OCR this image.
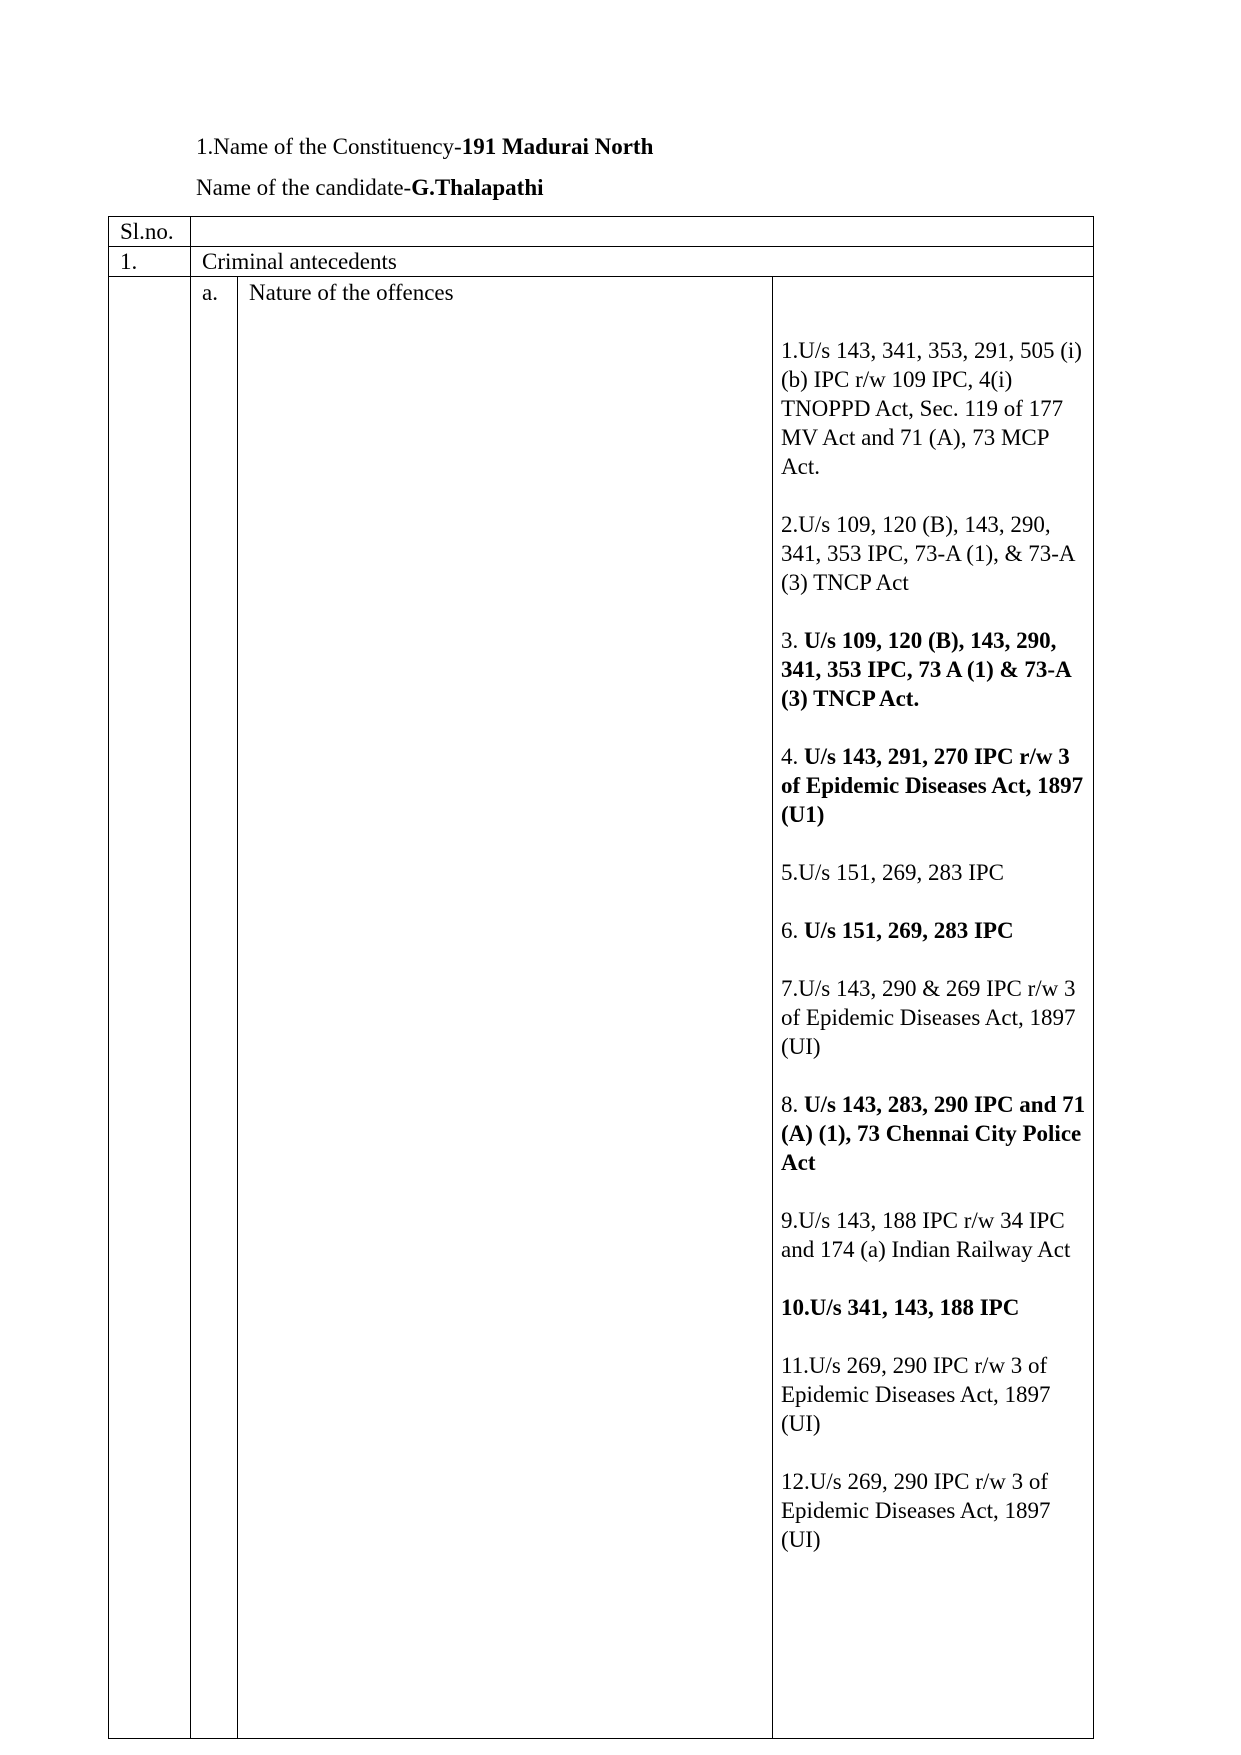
1.Name of the Constituency-191 Madurai North
Name of the candidate-G.Thalapathi
Sl.no.
1.	Criminal antecedents
a. Nature of the offences
1.U/s 143, 341, 353, 291, 505 (i) (b) IPC r/w 109 IPC, 4(i) TNOPPD Act, Sec. 119 of 177 MV Act and 71 (A), 73 MCP Act.
2.U/s 109, 120 (B), 143, 290, 341, 353 IPC, 73-A (1), & 73-A (3) TNCP Act
3. U/s 109, 120 (B), 143, 290, 341, 353 IPC, 73 A (1) & 73-A (3) TNCP Act.
4. U/s 143, 291, 270 IPC r/w 3 of Epidemic Diseases Act, 1897 (U1)
5.U/s 151, 269, 283 IPC
6. U/s 151, 269, 283 IPC
7.U/s 143, 290 & 269 IPC r/w 3 of Epidemic Diseases Act, 1897 (UI)
8. U/s 143, 283, 290 IPC and 71 (A) (1), 73 Chennai City Police Act
9.U/s 143, 188 IPC r/w 34 IPC and 174 (a) Indian Railway Act
10.U/s 341, 143, 188 IPC
11.U/s 269, 290 IPC r/w 3 of Epidemic Diseases Act, 1897 (UI)
12.U/s 269, 290 IPC r/w 3 of Epidemic Diseases Act, 1897 (UI)
